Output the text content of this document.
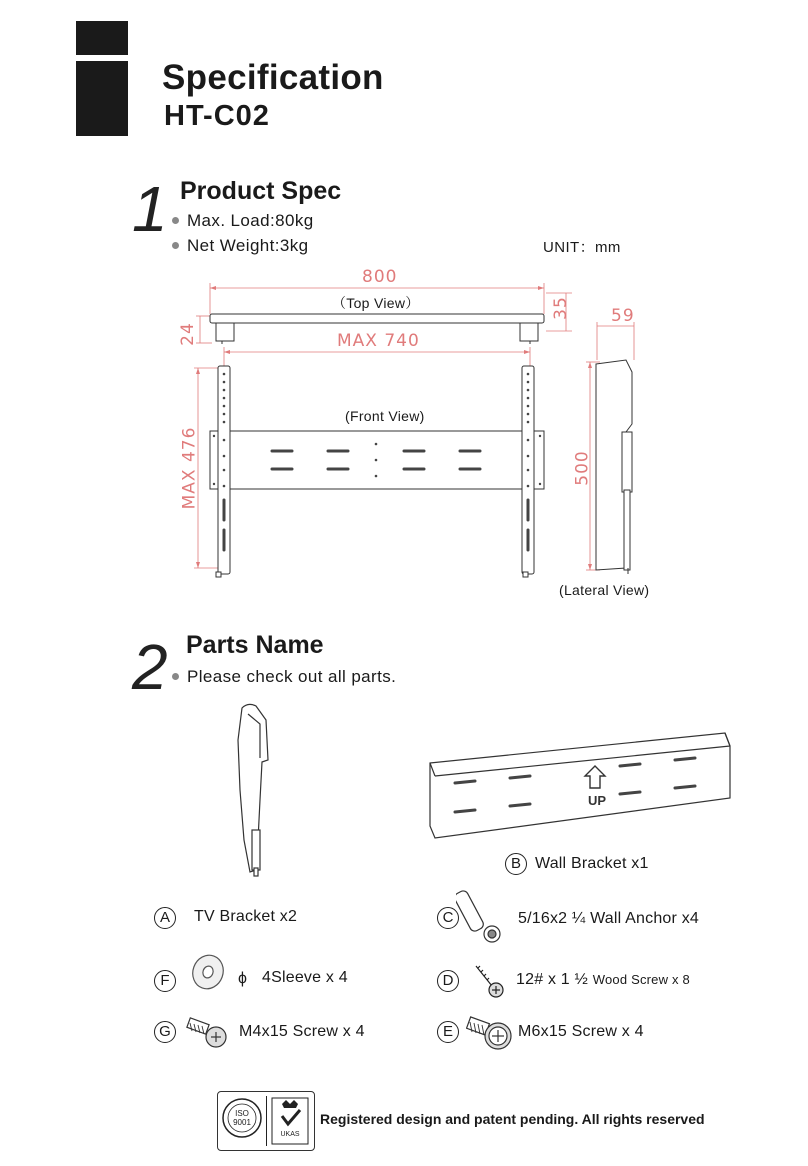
Specification
HT-C02
1 Product Spec
Max. Load:80kg
Net Weight:3kg	UNIT：mm
800
35
24	MAX 740
MAX 476	500
59
（Top View）
(Front View)
(Lateral View)
2 Parts Name
Please check out all parts.
UP
B Wall Bracket x1
A	TV Bracket x2	C	5/16x2 ¼ Wall Anchor x4
F	ϕ 4Sleeve x 4	D	12# x 1 ½ Wood Screw x 8
G	M4x15 Screw x 4	E	M6x15 Screw x 4
ISO
9001
UKAS
Registered design and patent pending. All rights reserved
